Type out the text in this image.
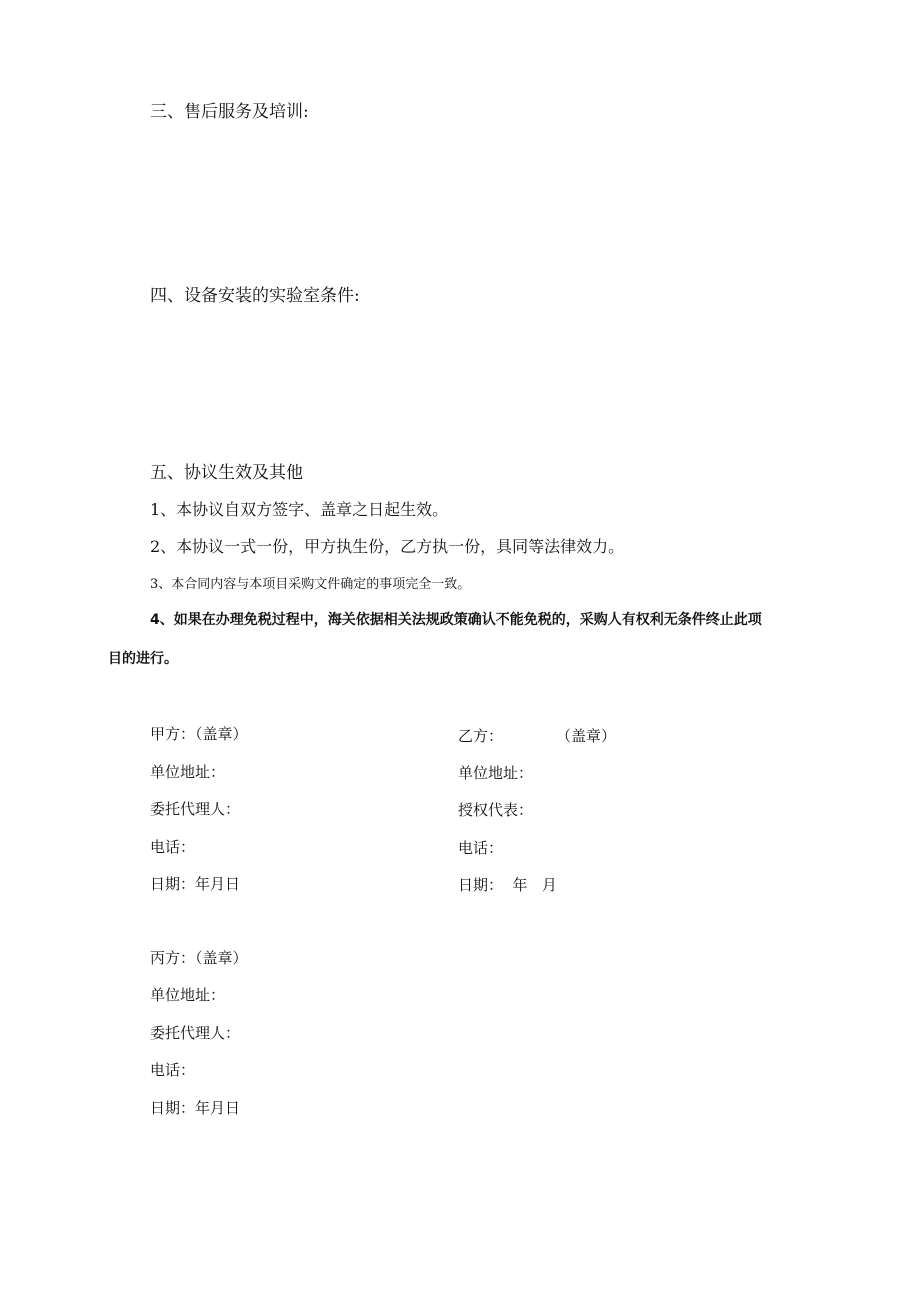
三、售后服务及培训:
四、设备安装的实验室条件:
五、协议生效及其他
1、本协议自双方签字、盖章之日起生效。
2、本协议一式一份，甲方执生份，乙方执一份，具同等法律效力。
3、本合同内容与本项目采购文件确定的事项完全一致。
4、如果在办理免税过程中，海关依据相关法规政策确认不能免税的，采购人有权利无条件终止此项
目的进行。
甲方：（盖章）
单位地址：
委托代理人：
电话：
日期：年月日
乙方：	（盖章）
单位地址：
授权代表：
电话：
日期：  年   月
丙方：（盖章）
单位地址：
委托代理人：
电话：
日期：年月日
